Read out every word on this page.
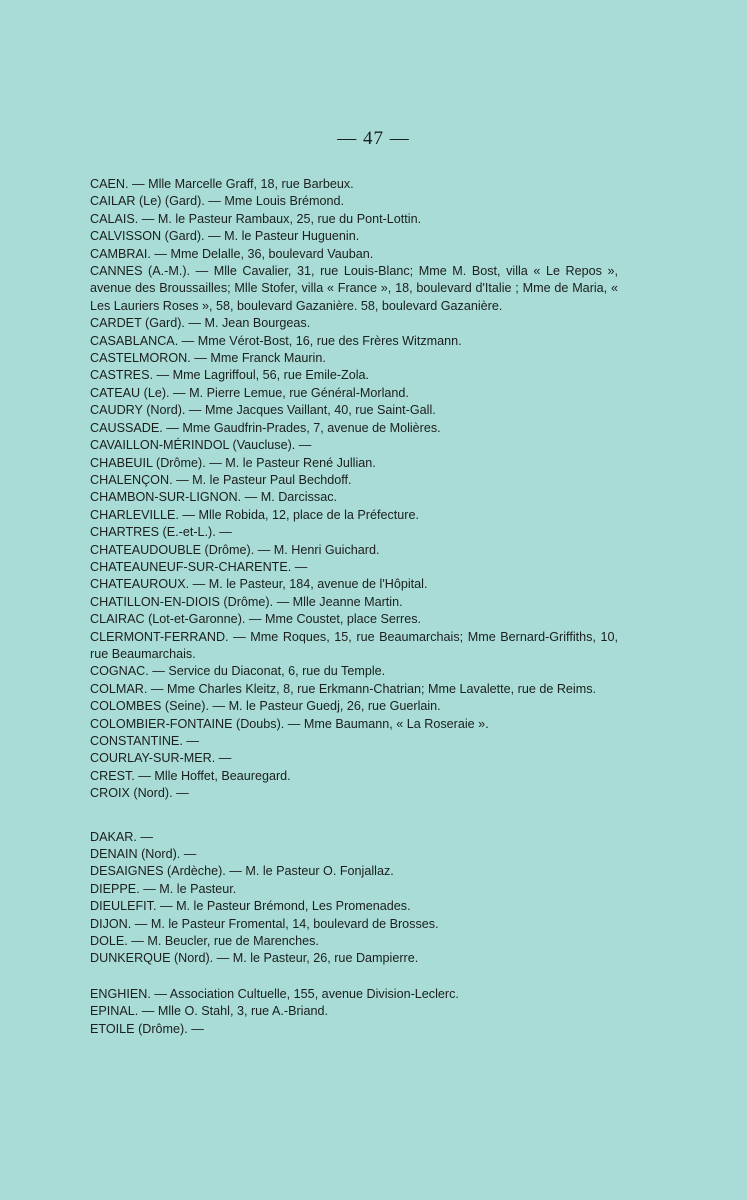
— 47 —
CAEN. — Mlle Marcelle Graff, 18, rue Barbeux.
CAILAR (Le) (Gard). — Mme Louis Brémond.
CALAIS. — M. le Pasteur Rambaux, 25, rue du Pont-Lottin.
CALVISSON (Gard). — M. le Pasteur Huguenin.
CAMBRAI. — Mme Delalle, 36, boulevard Vauban.
CANNES (A.-M.). — Mlle Cavalier, 31, rue Louis-Blanc; Mme M. Bost, villa « Le Repos », avenue des Broussailles; Mlle Stofer, villa « France », 18, boulevard d'Italie ; Mme de Maria, « Les Lauriers Roses », 58, boulevard Gazanière. 58, boulevard Gazanière.
CARDET (Gard). — M. Jean Bourgeas.
CASABLANCA. — Mme Vérot-Bost, 16, rue des Frères Witzmann.
CASTELMORON. — Mme Franck Maurin.
CASTRES. — Mme Lagriffoul, 56, rue Emile-Zola.
CATEAU (Le). — M. Pierre Lemue, rue Général-Morland.
CAUDRY (Nord). — Mme Jacques Vaillant, 40, rue Saint-Gall.
CAUSSADE. — Mme Gaudfrin-Prades, 7, avenue de Molières.
CAVAILLON-MÉRINDOL (Vaucluse). —
CHABEUIL (Drôme). — M. le Pasteur René Jullian.
CHALENÇON. — M. le Pasteur Paul Bechdoff.
CHAMBON-SUR-LIGNON. — M. Darcissac.
CHARLEVILLE. — Mlle Robida, 12, place de la Préfecture.
CHARTRES (E.-et-L.). —
CHATEAUDOUBLE (Drôme). — M. Henri Guichard.
CHATEAUNEUF-SUR-CHARENTE. —
CHATEAUROUX. — M. le Pasteur, 184, avenue de l'Hôpital.
CHATILLON-EN-DIOIS (Drôme). — Mlle Jeanne Martin.
CLAIRAC (Lot-et-Garonne). — Mme Coustet, place Serres.
CLERMONT-FERRAND. — Mme Roques, 15, rue Beaumarchais; Mme Bernard-Griffiths, 10, rue Beaumarchais.
COGNAC. — Service du Diaconat, 6, rue du Temple.
COLMAR. — Mme Charles Kleitz, 8, rue Erkmann-Chatrian; Mme Lavalette, rue de Reims.
COLOMBES (Seine). — M. le Pasteur Guedj, 26, rue Guerlain.
COLOMBIER-FONTAINE (Doubs). — Mme Baumann, « La Roseraie ».
CONSTANTINE. —
COURLAY-SUR-MER. —
CREST. — Mlle Hoffet, Beauregard.
CROIX (Nord). —
DAKAR. —
DENAIN (Nord). —
DESAIGNES (Ardèche). — M. le Pasteur O. Fonjallaz.
DIEPPE. — M. le Pasteur.
DIEULEFIT. — M. le Pasteur Brémond, Les Promenades.
DIJON. — M. le Pasteur Fromental, 14, boulevard de Brosses.
DOLE. — M. Beucler, rue de Marenches.
DUNKERQUE (Nord). — M. le Pasteur, 26, rue Dampierre.
ENGHIEN. — Association Cultuelle, 155, avenue Division-Leclerc.
EPINAL. — Mlle O. Stahl, 3, rue A.-Briand.
ETOILE (Drôme). —
